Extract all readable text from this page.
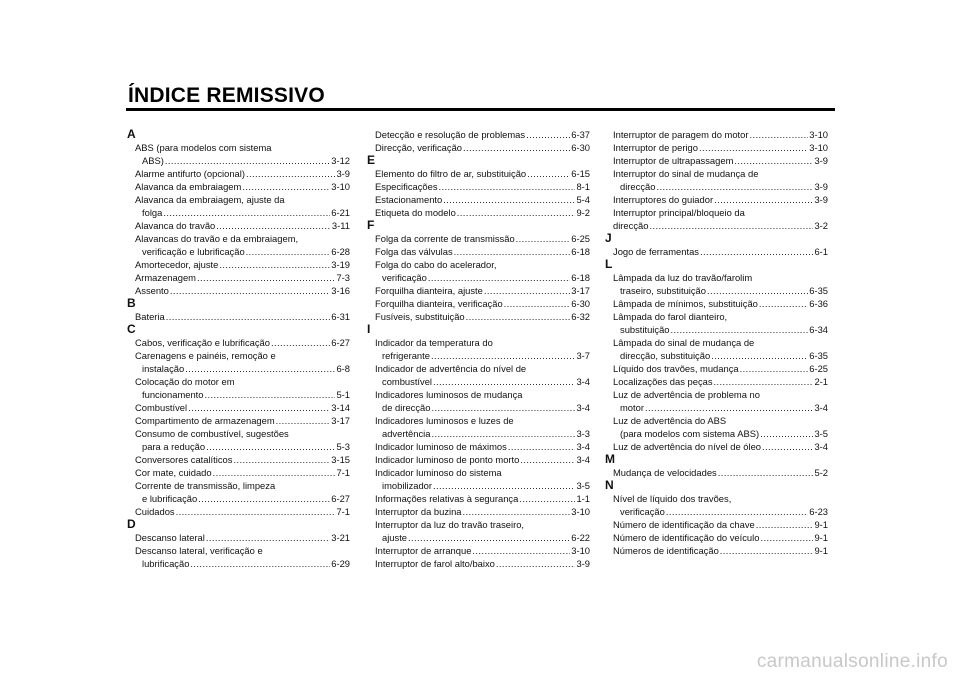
ÍNDICE REMISSIVO
A
ABS (para modelos com sistema
ABS) .....	3-12
Alarme antifurto (opcional) .....	3-9
Alavanca da embraiagem .....	3-10
Alavanca da embraiagem, ajuste da
folga .....	6-21
Alavanca do travão .....	3-11
Alavancas do travão e da embraiagem,
verificação e lubrificação .....	6-28
Amortecedor, ajuste .....	3-19
Armazenagem .....	7-3
Assento .....	3-16
B
Bateria .....	6-31
C
Cabos, verificação e lubrificação .....	6-27
Carenagens e painéis, remoção e
instalação .....	6-8
Colocação do motor em
funcionamento .....	5-1
Combustível .....	3-14
Compartimento de armazenagem .....	3-17
Consumo de combustível, sugestões
para a redução .....	5-3
Conversores catalíticos .....	3-15
Cor mate, cuidado .....	7-1
Corrente de transmissão, limpeza
e lubrificação .....	6-27
Cuidados .....	7-1
D
Descanso lateral .....	3-21
Descanso lateral, verificação e
lubrificação .....	6-29
Detecção e resolução de problemas .....	6-37
Direcção, verificação .....	6-30
E
Elemento do filtro de ar, substituição .....	6-15
Especificações .....	8-1
Estacionamento .....	5-4
Etiqueta do modelo .....	9-2
F
Folga da corrente de transmissão .....	6-25
Folga das válvulas .....	6-18
Folga do cabo do acelerador,
verificação .....	6-18
Forquilha dianteira, ajuste .....	3-17
Forquilha dianteira, verificação .....	6-30
Fusíveis, substituição .....	6-32
I
Indicador da temperatura do
refrigerante .....	3-7
Indicador de advertência do nível de
combustível .....	3-4
Indicadores luminosos de mudança
de direcção .....	3-4
Indicadores luminosos e luzes de
advertência .....	3-3
Indicador luminoso de máximos .....	3-4
Indicador luminoso de ponto morto .....	3-4
Indicador luminoso do sistema
imobilizador .....	3-5
Informações relativas à segurança .....	1-1
Interruptor da buzina .....	3-10
Interruptor da luz do travão traseiro,
ajuste .....	6-22
Interruptor de arranque .....	3-10
Interruptor de farol alto/baixo .....	3-9
Interruptor de paragem do motor .....	3-10
Interruptor de perigo .....	3-10
Interruptor de ultrapassagem .....	3-9
Interruptor do sinal de mudança de
direcção .....	3-9
Interruptores do guiador .....	3-9
Interruptor principal/bloqueio da
direcção .....	3-2
J
Jogo de ferramentas .....	6-1
L
Lâmpada da luz do travão/farolim
traseiro, substituição .....	6-35
Lâmpada de mínimos, substituição .....	6-36
Lâmpada do farol dianteiro,
substituição .....	6-34
Lâmpada do sinal de mudança de
direcção, substituição .....	6-35
Líquido dos travões, mudança .....	6-25
Localizações das peças .....	2-1
Luz de advertência de problema no
motor .....	3-4
Luz de advertência do ABS
(para modelos com sistema ABS) .....	3-5
Luz de advertência do nível de óleo .....	3-4
M
Mudança de velocidades .....	5-2
N
Nível de líquido dos travões,
verificação .....	6-23
Número de identificação da chave .....	9-1
Número de identificação do veículo .....	9-1
Números de identificação .....	9-1
carmanualsonline.info
